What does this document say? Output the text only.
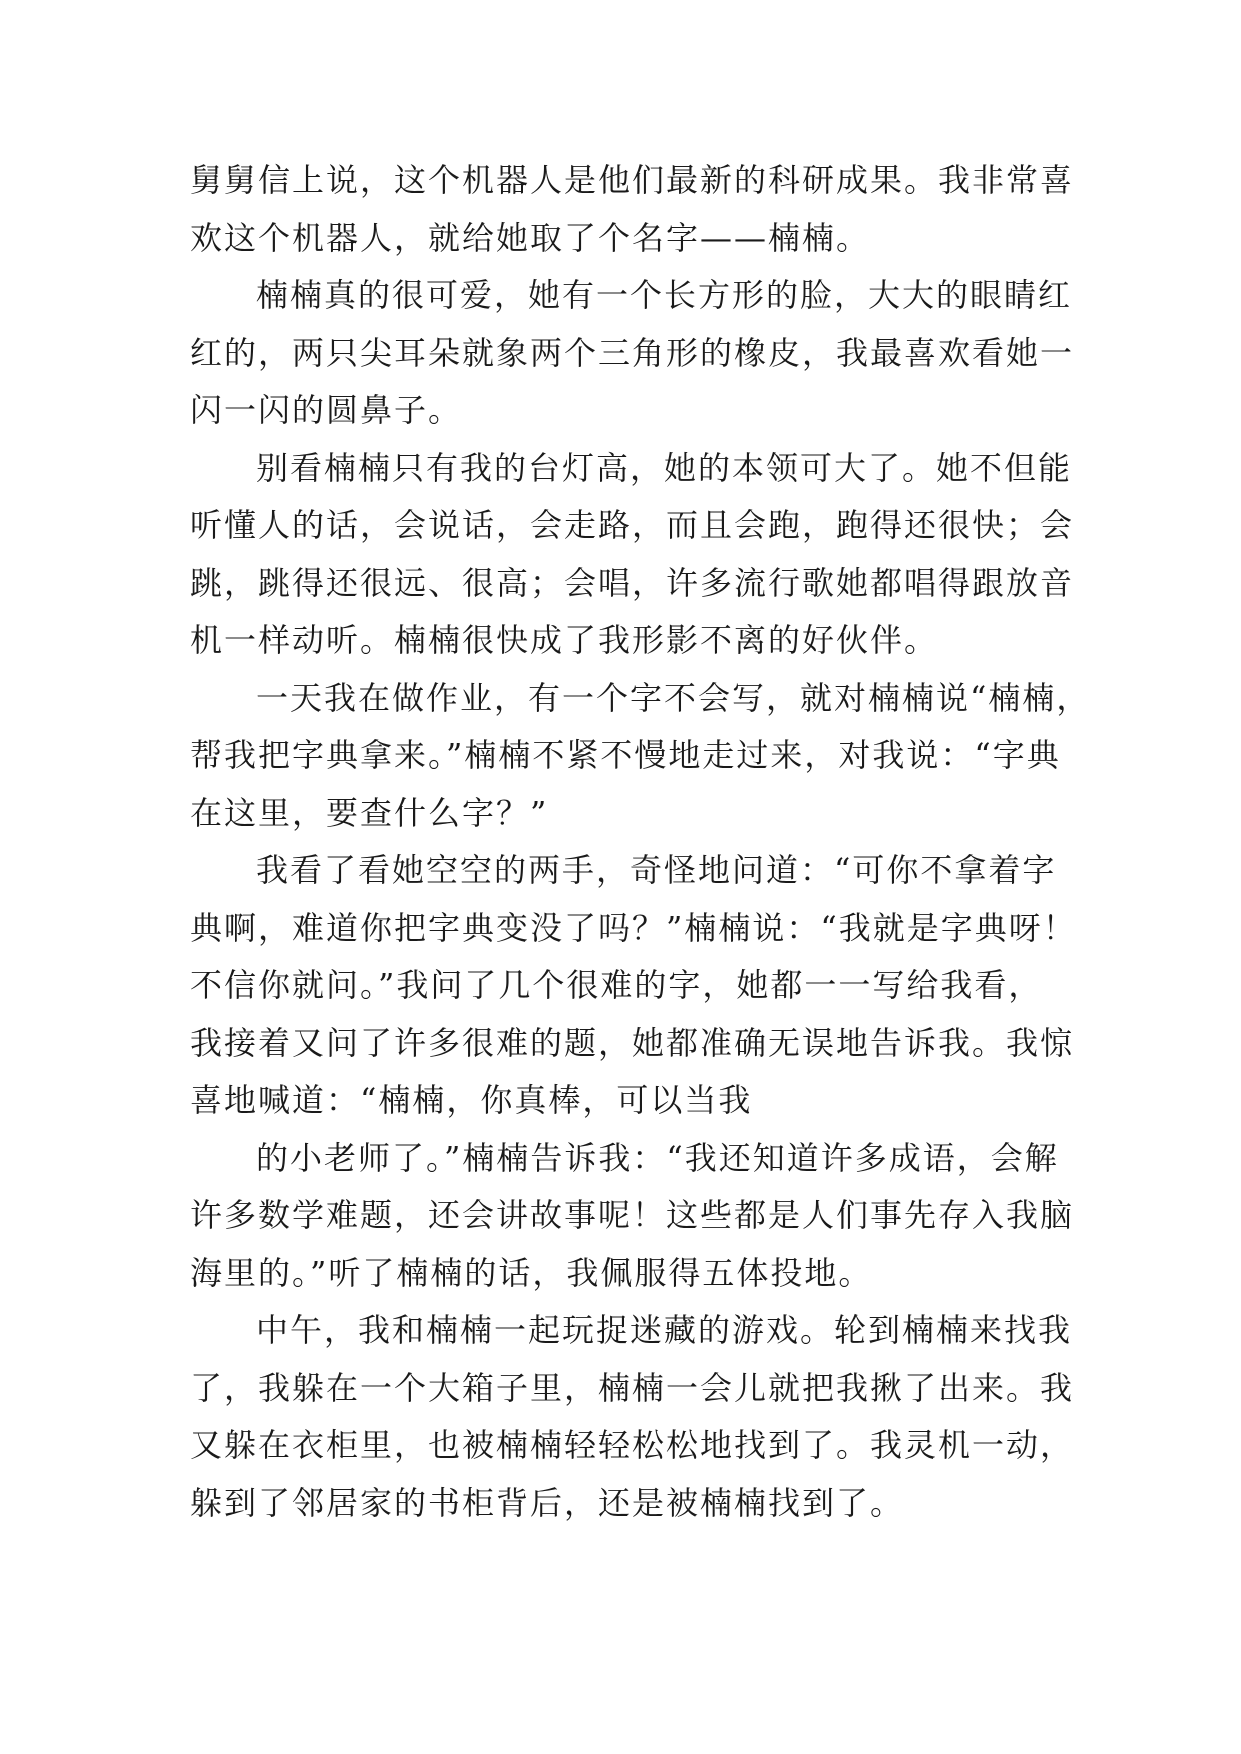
舅舅信上说，这个机器人是他们最新的科研成果。我非常喜
欢这个机器人，就给她取了个名字——楠楠。
楠楠真的很可爱，她有一个长方形的脸，大大的眼睛红
红的，两只尖耳朵就象两个三角形的橡皮，我最喜欢看她一
闪一闪的圆鼻子。
别看楠楠只有我的台灯高，她的本领可大了。她不但能
听懂人的话，会说话，会走路，而且会跑，跑得还很快；会
跳，跳得还很远、很高；会唱，许多流行歌她都唱得跟放音
机一样动听。楠楠很快成了我形影不离的好伙伴。
一天我在做作业，有一个字不会写，就对楠楠说“楠楠，
帮我把字典拿来。”楠楠不紧不慢地走过来，对我说：“字典
在这里，要查什么字？”
我看了看她空空的两手，奇怪地问道：“可你不拿着字
典啊，难道你把字典变没了吗？”楠楠说：“我就是字典呀！
不信你就问。”我问了几个很难的字，她都一一写给我看，
我接着又问了许多很难的题，她都准确无误地告诉我。我惊
喜地喊道：“楠楠，你真棒，可以当我
的小老师了。”楠楠告诉我：“我还知道许多成语，会解
许多数学难题，还会讲故事呢！这些都是人们事先存入我脑
海里的。”听了楠楠的话，我佩服得五体投地。
中午，我和楠楠一起玩捉迷藏的游戏。轮到楠楠来找我
了，我躲在一个大箱子里，楠楠一会儿就把我揪了出来。我
又躲在衣柜里，也被楠楠轻轻松松地找到了。我灵机一动，
躲到了邻居家的书柜背后，还是被楠楠找到了。
